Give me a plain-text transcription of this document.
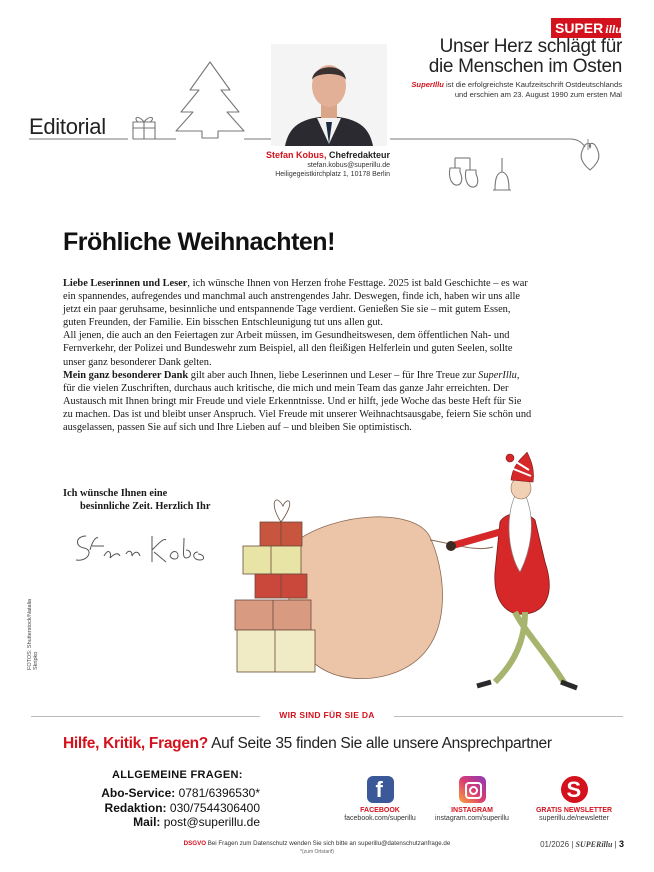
SUPER illu
Unser Herz schlägt für
die Menschen im Osten
SuperIllu ist die erfolgreichste Kaufzeitschrift Ostdeutschlands
und erschien am 23. August 1990 zum ersten Mal
Editorial
Stefan Kobus, Chefredakteur
stefan.kobus@superillu.de
Heiligegeistkirchplatz 1, 10178 Berlin
Fröhliche Weihnachten!

Liebe Leserinnen und Leser, ich wünsche Ihnen von Herzen frohe Festtage. 2025 ist bald Geschichte – es war ein spannendes, aufregendes und manchmal auch anstrengendes Jahr. Deswegen, finde ich, haben wir uns alle jetzt ein paar geruhsame, besinnliche und entspannende Tage verdient. Genießen Sie sie – mit gutem Essen, guten Freunden, der Familie. Ein bisschen Entschleunigung tut uns allen gut.

All jenen, die auch an den Feiertagen zur Arbeit müssen, im Gesundheitswesen, dem öffentlichen Nah- und Fernverkehr, der Polizei und Bundeswehr zum Beispiel, all den fleißigen Helferlein und guten Seelen, sollte unser ganz besonderer Dank gelten.

Mein ganz besonderer Dank gilt aber auch Ihnen, liebe Leserinnen und Leser – für Ihre Treue zur SuperIllu, für die vielen Zuschriften, durchaus auch kritische, die mich und mein Team das ganze Jahr erreichten. Der Austausch mit Ihnen bringt mir Freude und viele Erkenntnisse. Und er hilft, jede Woche das beste Heft für Sie zu machen. Das ist und bleibt unser Anspruch. Viel Freude mit unserer Weihnachtsausgabe, feiern Sie schön und ausgelassen, passen Sie auf sich und Ihre Lieben auf – und bleiben Sie optimistisch.

Ich wünsche Ihnen eine
besinnliche Zeit. Herzlich Ihr
FOTOS: Shutterstock/Natalia Skripko
WIR SIND FÜR SIE DA
Hilfe, Kritik, Fragen? Auf Seite 35 finden Sie alle unsere Ansprechpartner
ALLGEMEINE FRAGEN:
Abo-Service: 0781/6396530*
Redaktion: 030/7544306400
Mail: post@superillu.de
f
FACEBOOK
facebook.com/superillu
INSTAGRAM
instagram.com/superillu
S
GRATIS NEWSLETTER
superillu.de/newsletter
DSGVO Bei Fragen zum Datenschutz wenden Sie sich bitte an superillu@datenschutzanfrage.de
*(zum Ortstarif)
01/2026 | SUPERillu | 3
